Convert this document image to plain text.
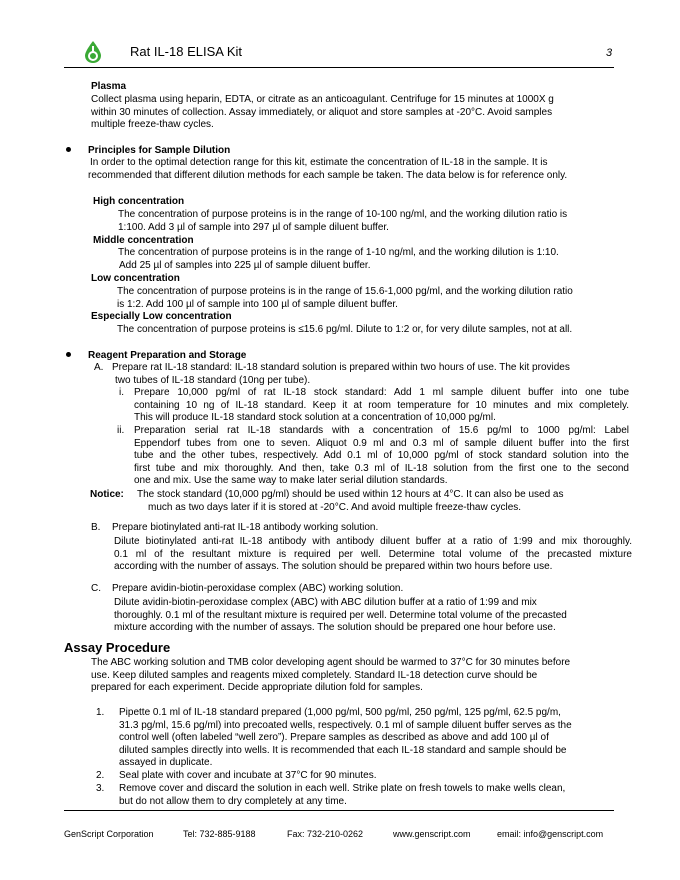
Rat IL-18 ELISA Kit	3
Plasma
Collect plasma using heparin, EDTA, or citrate as an anticoagulant. Centrifuge for 15 minutes at 1000X g
within 30 minutes of collection. Assay immediately, or aliquot and store samples at -20°C. Avoid samples
multiple freeze-thaw cycles.
Principles for Sample Dilution
In order to the optimal detection range for this kit, estimate the concentration of IL-18 in the sample. It is
recommended that different dilution methods for each sample be taken. The data below is for reference only.
High concentration
The concentration of purpose proteins is in the range of 10-100 ng/ml, and the working dilution ratio is
1:100. Add 3 µl of sample into 297 µl of sample diluent buffer.
Middle concentration
The concentration of purpose proteins is in the range of 1-10 ng/ml, and the working dilution is 1:10.
Add 25 µl of samples into 225 µl of sample diluent buffer.
Low concentration
The concentration of purpose proteins is in the range of 15.6-1,000 pg/ml, and the working dilution ratio
is 1:2. Add 100 µl of sample into 100 µl of sample diluent buffer.
Especially Low concentration
The concentration of purpose proteins is ≤15.6 pg/ml. Dilute to 1:2 or, for very dilute samples, not at all.
Reagent Preparation and Storage
A. Prepare rat IL-18 standard: IL-18 standard solution is prepared within two hours of use. The kit provides
two tubes of IL-18 standard (10ng per tube).
i. Prepare 10,000 pg/ml of rat IL-18 stock standard: Add 1 ml sample diluent buffer into one tube
containing 10 ng of IL-18 standard. Keep it at room temperature for 10 minutes and mix completely.
This will produce IL-18 standard stock solution at a concentration of 10,000 pg/ml.
ii. Preparation serial rat IL-18 standards with a concentration of 15.6 pg/ml to 1000 pg/ml: Label
Eppendorf tubes from one to seven. Aliquot 0.9 ml and 0.3 ml of sample diluent buffer into the first
tube and the other tubes, respectively. Add 0.1 ml of 10,000 pg/ml of stock standard solution into the
first tube and mix thoroughly. And then, take 0.3 ml of IL-18 solution from the first one to the second
one and mix. Use the same way to make later serial dilution standards.
Notice: The stock standard (10,000 pg/ml) should be used within 12 hours at 4°C. It can also be used as
much as two days later if it is stored at -20°C. And avoid multiple freeze-thaw cycles.
B. Prepare biotinylated anti-rat IL-18 antibody working solution.
Dilute biotinylated anti-rat IL-18 antibody with antibody diluent buffer at a ratio of 1:99 and mix thoroughly.
0.1 ml of the resultant mixture is required per well. Determine total volume of the precasted mixture
according with the number of assays. The solution should be prepared within two hours before use.
C. Prepare avidin-biotin-peroxidase complex (ABC) working solution.
Dilute avidin-biotin-peroxidase complex (ABC) with ABC dilution buffer at a ratio of 1:99 and mix
thoroughly. 0.1 ml of the resultant mixture is required per well. Determine total volume of the precasted
mixture according with the number of assays. The solution should be prepared one hour before use.
Assay Procedure
The ABC working solution and TMB color developing agent should be warmed to 37°C for 30 minutes before
use. Keep diluted samples and reagents mixed completely. Standard IL-18 detection curve should be
prepared for each experiment. Decide appropriate dilution fold for samples.
1. Pipette 0.1 ml of IL-18 standard prepared (1,000 pg/ml, 500 pg/ml, 250 pg/ml, 125 pg/ml, 62.5 pg/m,
31.3 pg/ml, 15.6 pg/ml) into precoated wells, respectively. 0.1 ml of sample diluent buffer serves as the
control well (often labeled “well zero”). Prepare samples as described as above and add 100 µl of
diluted samples directly into wells. It is recommended that each IL-18 standard and sample should be
assayed in duplicate.
2. Seal plate with cover and incubate at 37°C for 90 minutes.
3. Remove cover and discard the solution in each well. Strike plate on fresh towels to make wells clean,
but do not allow them to dry completely at any time.
GenScript Corporation	Tel: 732-885-9188	Fax: 732-210-0262	www.genscript.com	email: info@genscript.com
